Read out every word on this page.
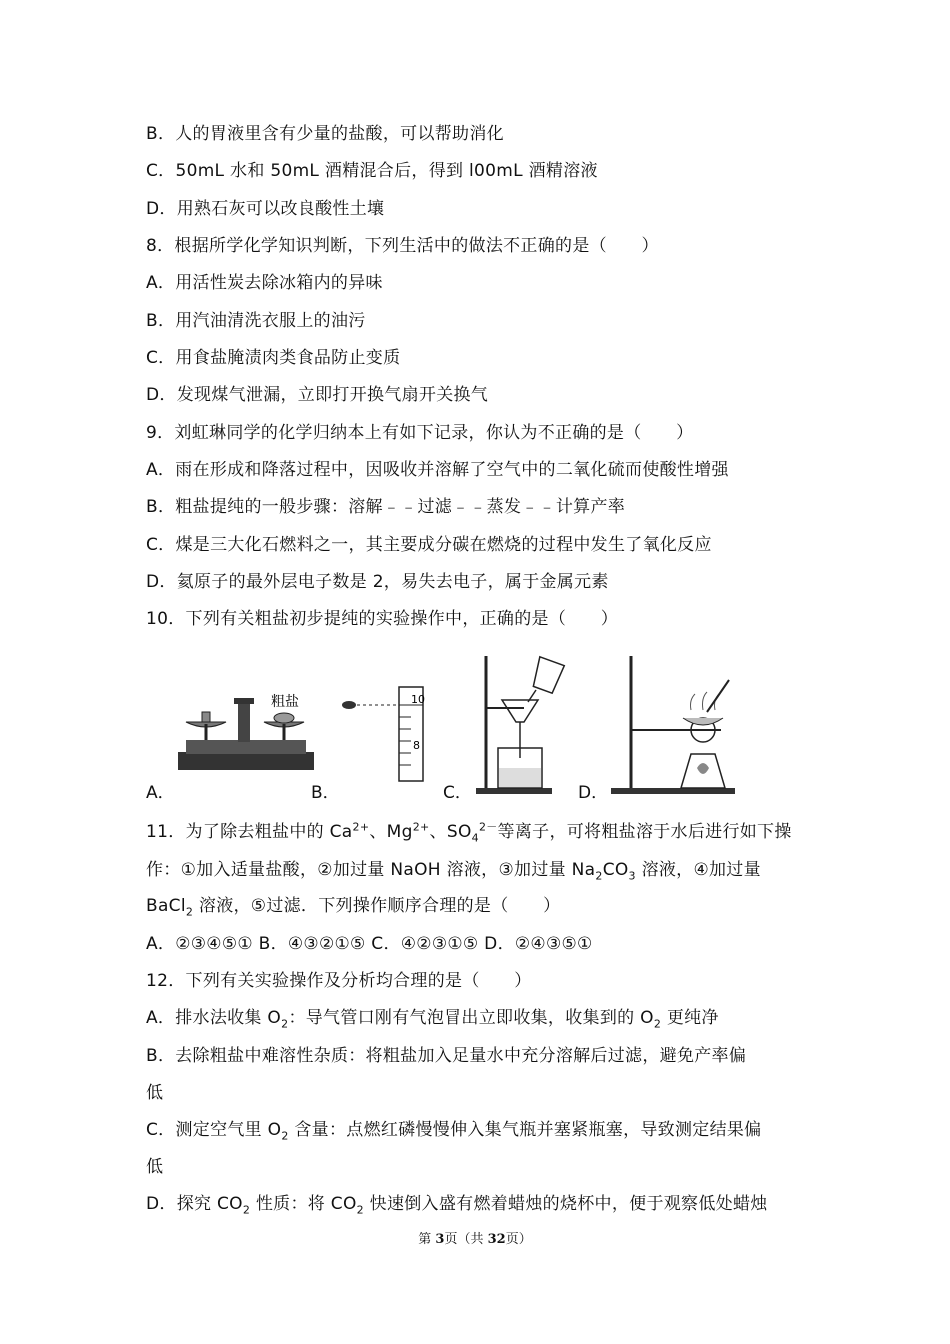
B．人的胃液里含有少量的盐酸，可以帮助消化
C．50mL 水和 50mL 酒精混合后，得到 l00mL 酒精溶液
D．用熟石灰可以改良酸性土壤
8．根据所学化学知识判断，下列生活中的做法不正确的是（　　）
A．用活性炭去除冰箱内的异味
B．用汽油清洗衣服上的油污
C．用食盐腌渍肉类食品防止变质
D．发现煤气泄漏，立即打开换气扇开关换气
9．刘虹琳同学的化学归纳本上有如下记录，你认为不正确的是（　　）
A．雨在形成和降落过程中，因吸收并溶解了空气中的二氧化硫而使酸性增强
B．粗盐提纯的一般步骤：溶解﹣﹣过滤﹣﹣蒸发﹣﹣计算产率
C．煤是三大化石燃料之一，其主要成分碳在燃烧的过程中发生了氧化反应
D．氦原子的最外层电子数是 2，易失去电子，属于金属元素
10．下列有关粗盐初步提纯的实验操作中，正确的是（　　）
粗盐
A．
10
8
B．	C．	D．
11．为了除去粗盐中的 $Ca^{2+}$、$Mg^{2+}$、$SO_4^{2-}$等离子，可将粗盐溶于水后进行如下操
作：①加入适量盐酸，②加过量 NaOH 溶液，③加过量 $Na_2CO_3$ 溶液，④加过量
BaCl$_2$ 溶液，⑤过滤．下列操作顺序合理的是（　　）
A．②③④⑤① B．④③②①⑤ C．④②③①⑤ D．②④③⑤①
12．下列有关实验操作及分析均合理的是（　　）
A．排水法收集 $O_2$：导气管口刚有气泡冒出立即收集，收集到的 $O_2$ 更纯净
B．去除粗盐中难溶性杂质：将粗盐加入足量水中充分溶解后过滤，避免产率偏
低
C．测定空气里 $O_2$ 含量：点燃红磷慢慢伸入集气瓶并塞紧瓶塞，导致测定结果偏
低
D．探究 $CO_2$ 性质：将 $CO_2$ 快速倒入盛有燃着蜡烛的烧杯中，便于观察低处蜡烛
第 3页（共 32页）
